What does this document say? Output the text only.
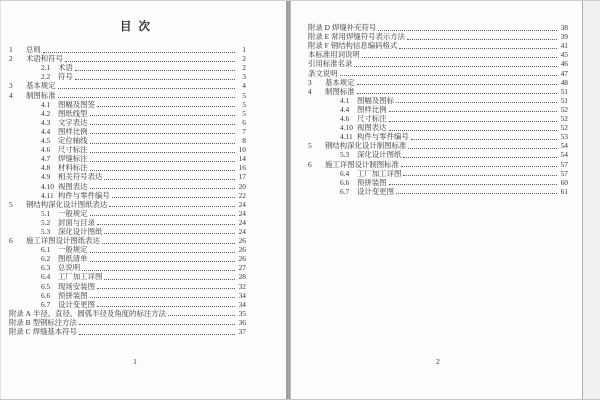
目次
1	总则	1
2	术语和符号	2
2.1	术语	2
2.2	符号	3
3	基本规定	4
4	制图标准	5
4.1	图幅及图签	5
4.2	图纸线型	5
4.3	文字表达	6
4.4	图样比例	7
4.5	定位轴线	8
4.6	尺寸标注	10
4.7	焊缝标注	14
4.8	材料标注	16
4.9	相关符号表达	17
4.10 视图表达	20
4.11 构件与零件编号	22
5	钢结构深化设计图纸表达	24
5.1	一般规定	24
5.2	封面与目录	24
5.3	深化设计图纸	24
6	施工详图设计图纸表达	26
6.1	一般规定	26
6.2	图纸清单	26
6.3	总说明	27
6.4	工厂加工详图	28
6.5	现场安装图	32
6.6	预拼装图	34
6.7	设计变更图	34
附录 A 半径、直径、圆弧半径及角度的标注方法	35
附录 B 型钢标注方法	36
附录 C 焊缝基本符号	37
1
附录 D 焊缝补充符号	38
附录 E 常用焊缝符号表示方法	39
附录 F 钢结构信息编码格式	41
本标准用词说明	45
引用标准名录	46
条文说明	47
3	基本规定	48
4	制图标准	51
4.1	图幅及图标	51
4.4	图样比例	52
4.6	尺寸标注	52
4.10 视图表达	52
4.11 构件与零件编号	53
5	钢结构深化设计制图标准	54
5.3	深化设计图纸	54
6	施工详图设计制图标准	57
6.4	工厂加工详图	57
6.6	预拼装图	60
6.7	设计变更图	61
2
